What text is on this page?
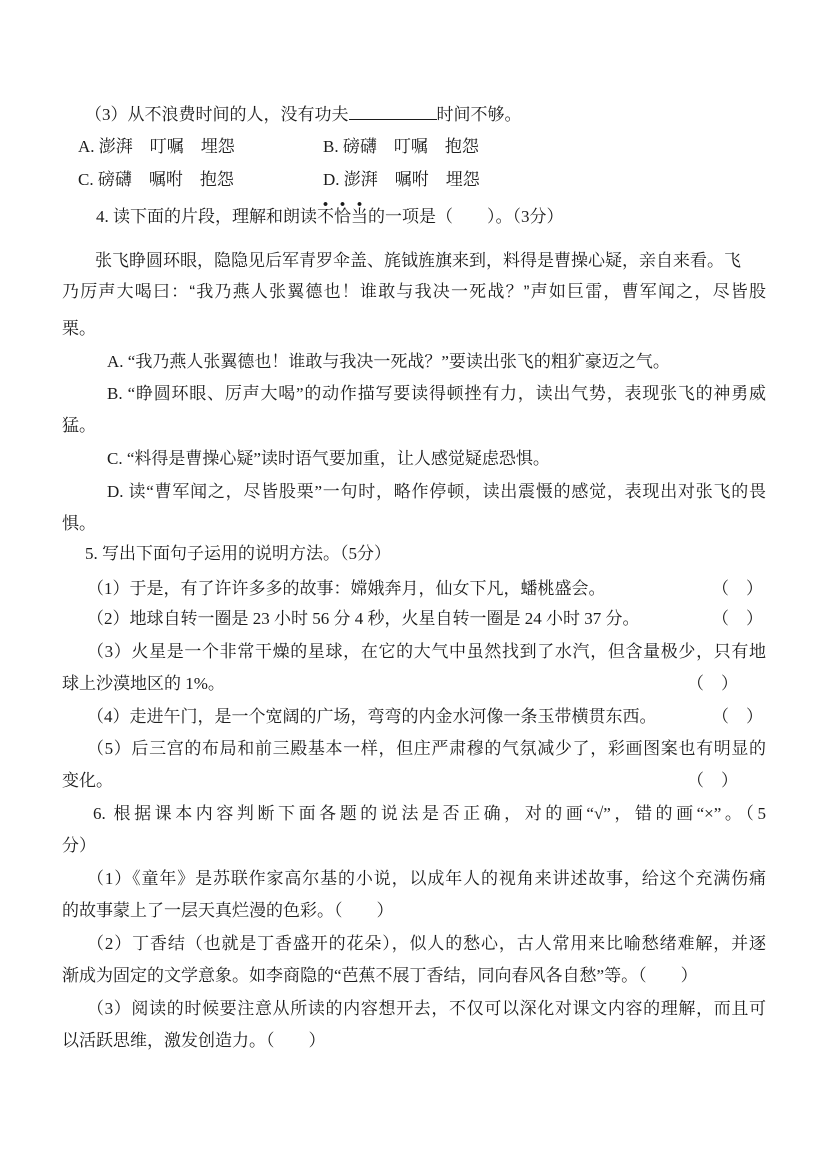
（3）从不浪费时间的人，没有功夫	时间不够。
A. 澎湃　叮嘱　埋怨	B. 磅礴　叮嘱　抱怨
C. 磅礴　嘱咐　抱怨	D. 澎湃　嘱咐　埋怨
4. 读下面的片段，理解和朗读不恰当的一项是（　　）。（3分）
张飞睁圆环眼，隐隐见后军青罗伞盖、旄钺旌旗来到，料得是曹操心疑，亲自来看。飞
乃厉声大喝曰：“我乃燕人张翼德也！谁敢与我决一死战？”声如巨雷，曹军闻之，尽皆股
栗。
A. “我乃燕人张翼德也！谁敢与我决一死战？”要读出张飞的粗犷豪迈之气。
B. “睁圆环眼、厉声大喝”的动作描写要读得顿挫有力，读出气势，表现张飞的神勇威
猛。
C. “料得是曹操心疑”读时语气要加重，让人感觉疑虑恐惧。
D. 读“曹军闻之，尽皆股栗”一句时，略作停顿，读出震慑的感觉，表现出对张飞的畏
惧。
5. 写出下面句子运用的说明方法。（5分）
（1）于是，有了许许多多的故事：嫦娥奔月，仙女下凡，蟠桃盛会。	（　）
（2）地球自转一圈是 23 小时 56 分 4 秒，火星自转一圈是 24 小时 37 分。	（　）
（3）火星是一个非常干燥的星球，在它的大气中虽然找到了水汽，但含量极少，只有地
球上沙漠地区的 1%。	（　）
（4）走进午门，是一个宽阔的广场，弯弯的内金水河像一条玉带横贯东西。	（　）
（5）后三宫的布局和前三殿基本一样，但庄严肃穆的气氛减少了，彩画图案也有明显的
变化。	（　）
6. 根据课本内容判断下面各题的说法是否正确，对的画“√”，错的画“×”。（5
分）
（1）《童年》是苏联作家高尔基的小说，以成年人的视角来讲述故事，给这个充满伤痛
的故事蒙上了一层天真烂漫的色彩。（　　）
（2）丁香结（也就是丁香盛开的花朵），似人的愁心，古人常用来比喻愁绪难解，并逐
渐成为固定的文学意象。如李商隐的“芭蕉不展丁香结，同向春风各自愁”等。（　　）
（3）阅读的时候要注意从所读的内容想开去，不仅可以深化对课文内容的理解，而且可
以活跃思维，激发创造力。（　　）
